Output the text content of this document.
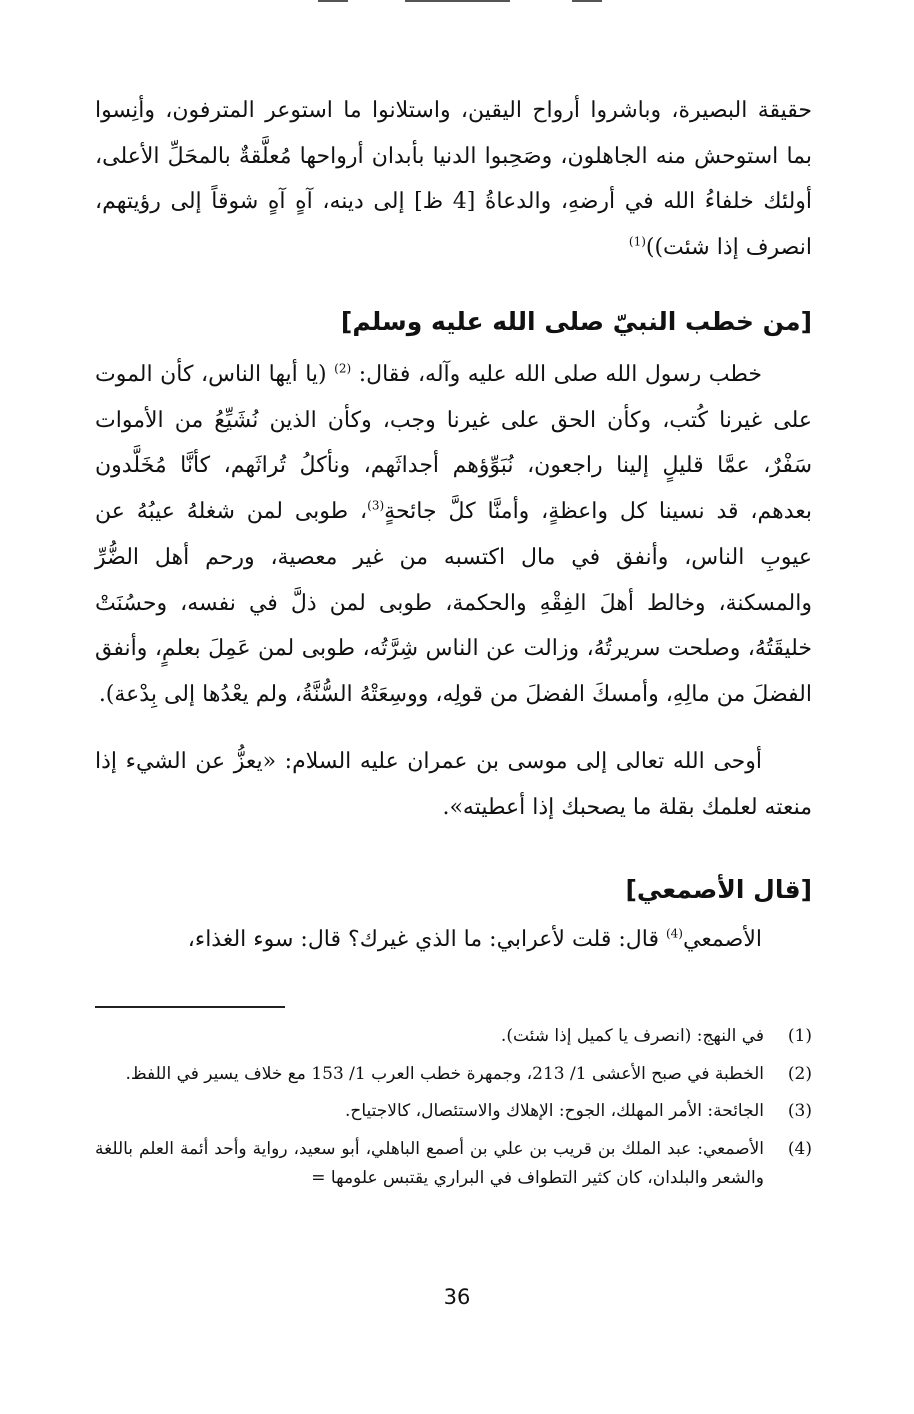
حقيقة البصيرة، وباشروا أرواح اليقين، واستلانوا ما استوعر المترفون، وأنِسوا بما استوحش منه الجاهلون، وصَحِبوا الدنيا بأبدان أرواحها مُعلَّقةٌ بالمحَلِّ الأعلى، أولئك خلفاءُ الله في أرضهِ، والدعاةُ [4 ظ] إلى دينه، آهٍ آهٍ شوقاً إلى رؤيتهم، انصرف إذا شئت))$^{(1)}$

[من خطب النبيّ صلى الله عليه وسلم]

خطب رسول الله صلى الله عليه وآله، فقال: $^{(2)}$ (يا أيها الناس، كأن الموت على غيرنا كُتب، وكأن الحق على غيرنا وجب، وكأن الذين نُشَيِّعُ من الأموات سَفْرٌ، عمَّا قليلٍ إلينا راجعون، نُبَوِّؤهم أجداثَهم، ونأكلُ تُراثَهم، كأنَّا مُخَلَّدون بعدهم، قد نسينا كل واعظةٍ، وأمنَّا كلَّ جائحةٍ$^{(3)}$، طوبى لمن شغلهُ عيبُهُ عن عيوبِ الناس، وأنفق في مال اكتسبه من غير معصية، ورحم أهل الضُّرِّ والمسكنة، وخالط أهلَ الفِقْهِ والحكمة، طوبى لمن ذلَّ في نفسه، وحسُنَتْ خليقَتُهُ، وصلحت سريرتُهُ، وزالت عن الناس شِرَّتُه، طوبى لمن عَمِلَ بعلمٍ، وأنفق الفضلَ من مالِهِ، وأمسكَ الفضلَ من قولِه، ووسِعَتْهُ السُّنَّةُ، ولم يعْدُها إلى بِدْعة).

أوحى الله تعالى إلى موسى بن عمران عليه السلام: «يعزُّ عن الشيء إذا منعته لعلمك بقلة ما يصحبك إذا أعطيته».

[قال الأصمعي]

الأصمعي$^{(4)}$ قال: قلت لأعرابي: ما الذي غيرك؟ قال: سوء الغذاء،

(1)
في النهج: (انصرف يا كميل إذا شئت).
(2)
الخطبة في صبح الأعشى 1/ 213، وجمهرة خطب العرب 1/ 153 مع خلاف يسير في اللفظ.
(3)
الجائحة: الأمر المهلك، الجوح: الإهلاك والاستئصال، كالاجتياح.
(4)
الأصمعي: عبد الملك بن قريب بن علي بن أصمع الباهلي، أبو سعيد، رواية وأحد أئمة العلم باللغة والشعر والبلدان، كان كثير التطواف في البراري يقتبس علومها =
36
